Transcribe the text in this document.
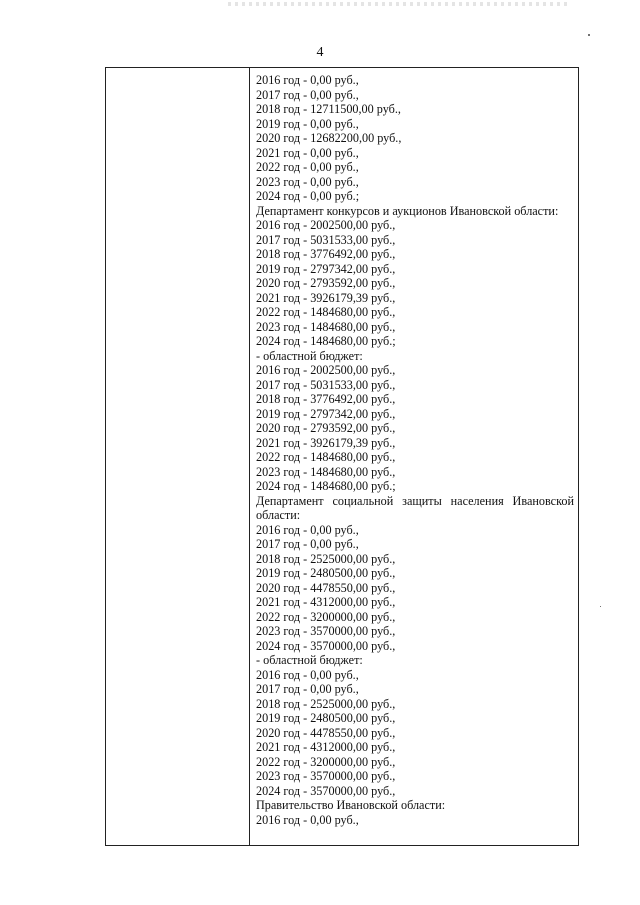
4
2016 год - 0,00 руб.,
2017 год - 0,00 руб.,
2018 год - 12711500,00 руб.,
2019 год - 0,00 руб.,
2020 год - 12682200,00 руб.,
2021 год - 0,00 руб.,
2022 год - 0,00 руб.,
2023 год - 0,00 руб.,
2024 год - 0,00 руб.;
Департамент конкурсов и аукционов Ивановской области:
2016 год - 2002500,00 руб.,
2017 год - 5031533,00 руб.,
2018 год - 3776492,00 руб.,
2019 год - 2797342,00 руб.,
2020 год - 2793592,00 руб.,
2021 год - 3926179,39 руб.,
2022 год - 1484680,00 руб.,
2023 год - 1484680,00 руб.,
2024 год - 1484680,00 руб.;
- областной бюджет:
2016 год - 2002500,00 руб.,
2017 год - 5031533,00 руб.,
2018 год - 3776492,00 руб.,
2019 год - 2797342,00 руб.,
2020 год - 2793592,00 руб.,
2021 год - 3926179,39 руб.,
2022 год - 1484680,00 руб.,
2023 год - 1484680,00 руб.,
2024 год - 1484680,00 руб.;
Департамент социальной защиты населения Ивановской
области:
2016 год - 0,00 руб.,
2017 год - 0,00 руб.,
2018 год - 2525000,00 руб.,
2019 год - 2480500,00 руб.,
2020 год - 4478550,00 руб.,
2021 год - 4312000,00 руб.,
2022 год - 3200000,00 руб.,
2023 год - 3570000,00 руб.,
2024 год - 3570000,00 руб.,
- областной бюджет:
2016 год - 0,00 руб.,
2017 год - 0,00 руб.,
2018 год - 2525000,00 руб.,
2019 год - 2480500,00 руб.,
2020 год - 4478550,00 руб.,
2021 год - 4312000,00 руб.,
2022 год - 3200000,00 руб.,
2023 год - 3570000,00 руб.,
2024 год - 3570000,00 руб.,
Правительство Ивановской области:
2016 год - 0,00 руб.,
